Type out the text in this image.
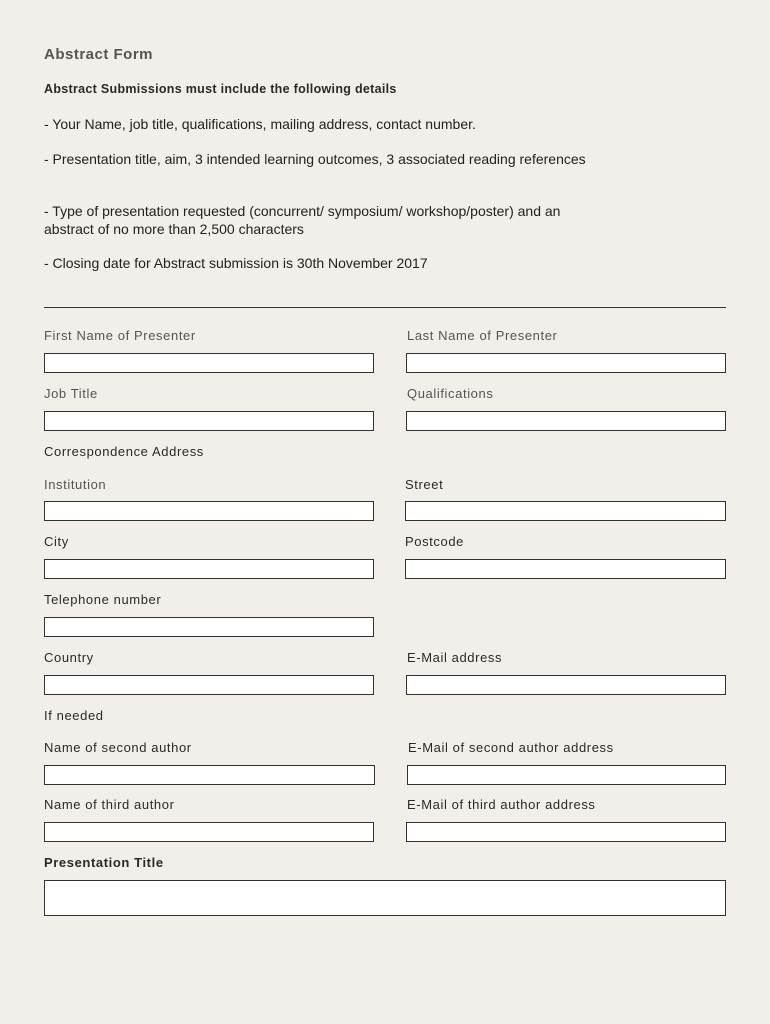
Abstract Form
Abstract Submissions must include the following details
- Your Name, job title, qualifications, mailing address, contact number.
- Presentation title, aim, 3 intended learning outcomes, 3 associated reading references
- Type of presentation requested (concurrent/ symposium/ workshop/poster) and an abstract of no more than 2,500 characters
- Closing date for Abstract submission is 30th November 2017
First Name of Presenter	Last Name of Presenter
Job Title	Qualifications
Correspondence Address
Institution	Street
City	Postcode
Telephone number
Country	E-Mail address
If needed
Name of second author	E-Mail of second author address
Name of third author	E-Mail of third author address
Presentation Title
